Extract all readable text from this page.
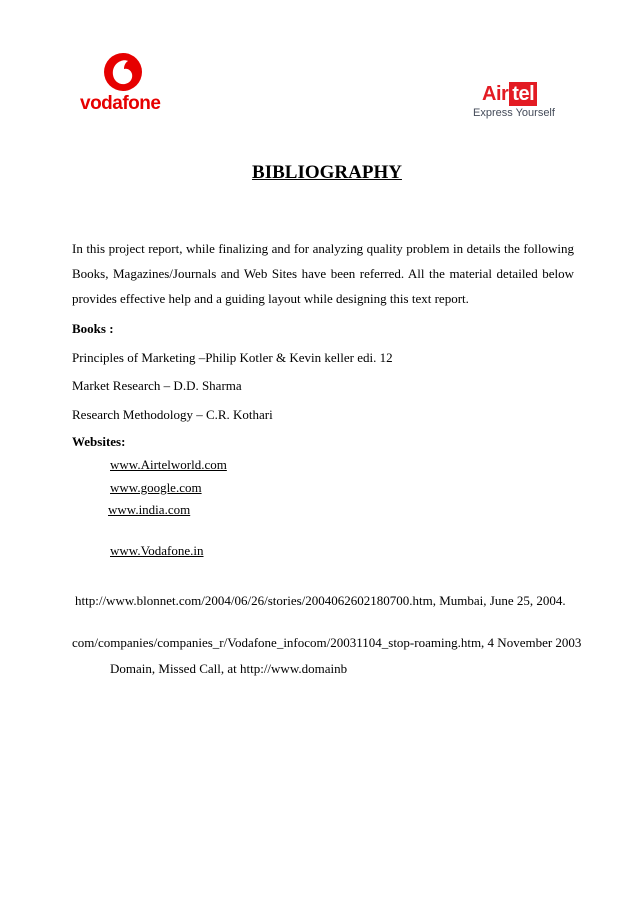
vodafone	Air tel
Express Yourself
BIBLIOGRAPHY
In this project report, while finalizing and for analyzing quality problem in details the following Books, Magazines/Journals and Web Sites have been referred. All the material detailed below provides effective help and a guiding layout while designing this text report.
Books :
Principles of Marketing –Philip Kotler & Kevin keller edi. 12
Market Research – D.D. Sharma
Research Methodology – C.R. Kothari
Websites:
www.Airtelworld.com
www.google.com
www.india.com
www.Vodafone.in
http://www.blonnet.com/2004/06/26/stories/2004062602180700.htm, Mumbai, June 25, 2004.
com/companies/companies_r/Vodafone_infocom/20031104_stop-roaming.htm, 4 November 2003
Domain, Missed Call, at http://www.domainb
